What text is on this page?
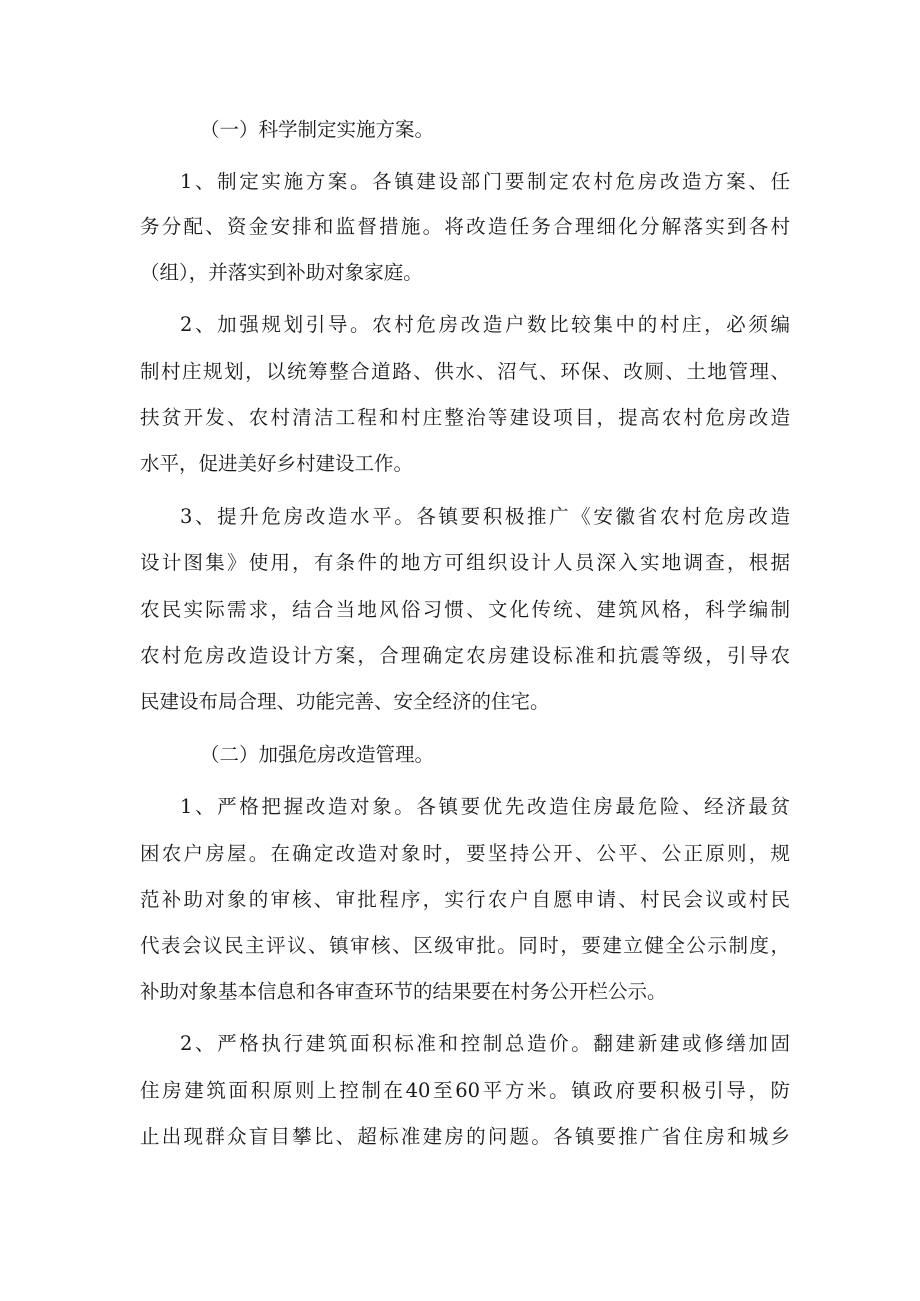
（一）科学制定实施方案。
1、制定实施方案。各镇建设部门要制定农村危房改造方案、任
务分配、资金安排和监督措施。将改造任务合理细化分解落实到各村
（组），并落实到补助对象家庭。
2、加强规划引导。农村危房改造户数比较集中的村庄，必须编
制村庄规划，以统筹整合道路、供水、沼气、环保、改厕、土地管理、
扶贫开发、农村清洁工程和村庄整治等建设项目，提高农村危房改造
水平，促进美好乡村建设工作。
3、提升危房改造水平。各镇要积极推广《安徽省农村危房改造
设计图集》使用，有条件的地方可组织设计人员深入实地调查，根据
农民实际需求，结合当地风俗习惯、文化传统、建筑风格，科学编制
农村危房改造设计方案，合理确定农房建设标准和抗震等级，引导农
民建设布局合理、功能完善、安全经济的住宅。
（二）加强危房改造管理。
1、严格把握改造对象。各镇要优先改造住房最危险、经济最贫
困农户房屋。在确定改造对象时，要坚持公开、公平、公正原则，规
范补助对象的审核、审批程序，实行农户自愿申请、村民会议或村民
代表会议民主评议、镇审核、区级审批。同时，要建立健全公示制度，
补助对象基本信息和各审查环节的结果要在村务公开栏公示。
2、严格执行建筑面积标准和控制总造价。翻建新建或修缮加固
住房建筑面积原则上控制在40至60平方米。镇政府要积极引导，防
止出现群众盲目攀比、超标准建房的问题。各镇要推广省住房和城乡
